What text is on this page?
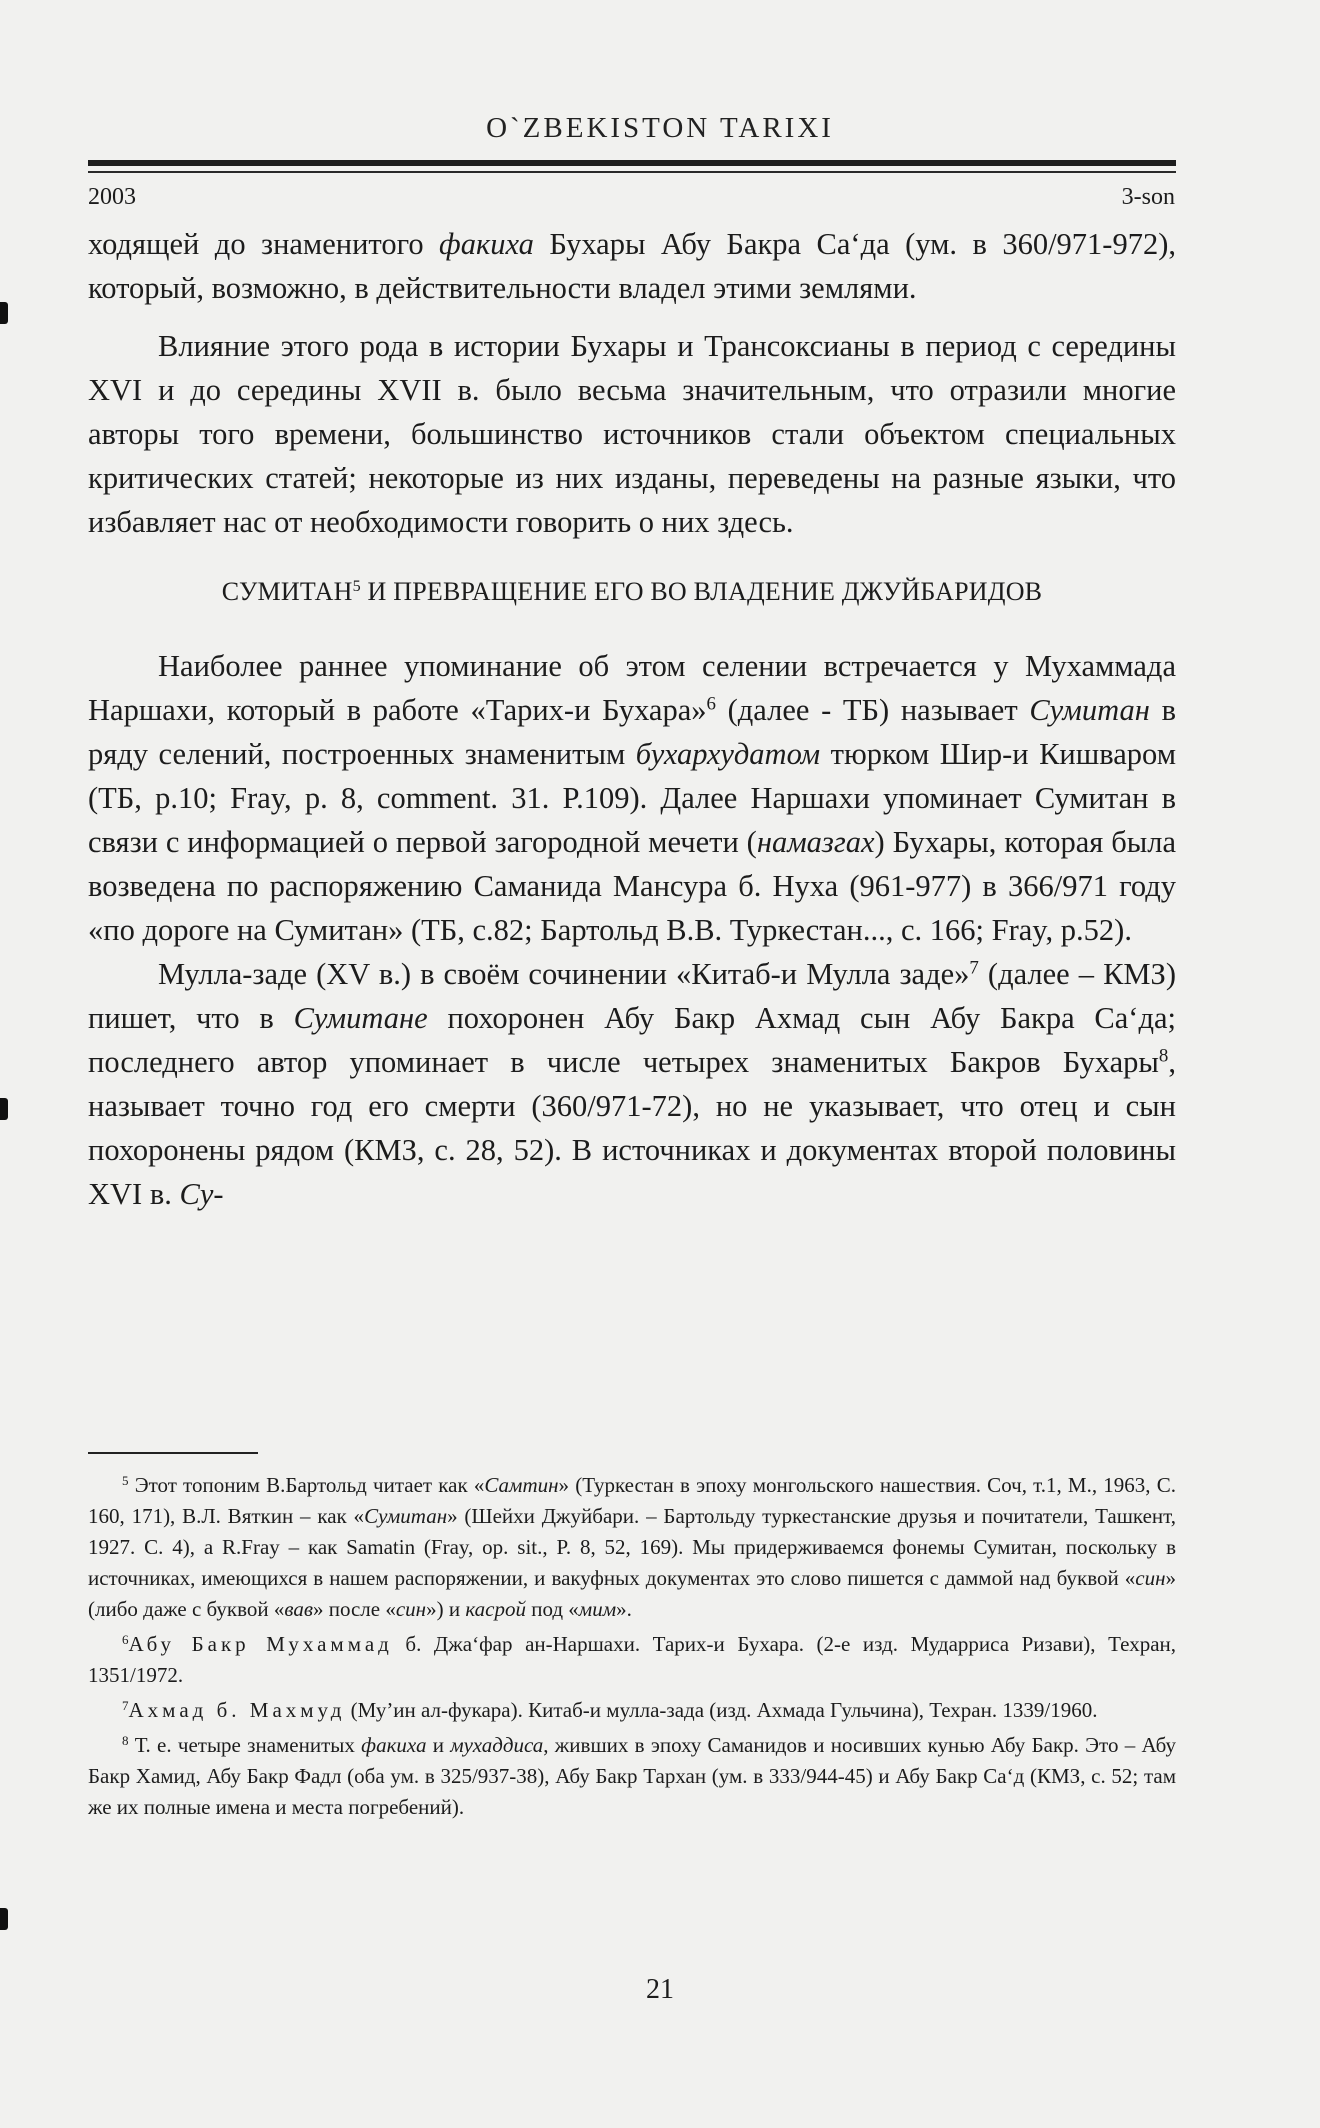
O`ZBEKISTON TARIXI
2003	3-son

ходящей до знаменитого факиха Бухары Абу Бакра Саʻда (ум. в 360/971-972), который, возможно, в действительности владел этими землями.

Влияние этого рода в истории Бухары и Трансоксианы в период с середины XVI и до середины XVII в. было весьма значительным, что отразили многие авторы того времени, большинство источников стали объектом специальных критических статей; некоторые из них изданы, переведены на разные языки, что избавляет нас от необходимости говорить о них здесь.

СУМИТАН$^5$ И ПРЕВРАЩЕНИЕ ЕГО ВО ВЛАДЕНИЕ ДЖУЙБАРИДОВ

Наиболее раннее упоминание об этом селении встречается у Мухаммада Наршахи, который в работе «Тарих-и Бухара»$^6$ (далее - ТБ) называет Сумитан в ряду селений, построенных знаменитым бухархудатом тюрком Шир-и Кишваром (ТБ, p.10; Fray, p. 8, comment. 31. P.109). Далее Наршахи упоминает Сумитан в связи с информацией о первой загородной мечети (намазгах) Бухары, которая была возведена по распоряжению Саманида Мансура б. Нуха (961-977) в 366/971 году «по дороге на Сумитан» (ТБ, с.82; Бартольд В.В. Туркестан..., с. 166; Fray, p.52).

Мулла-заде (XV в.) в своём сочинении «Китаб-и Мулла заде»$^7$ (далее – КМЗ) пишет, что в Сумитане похоронен Абу Бакр Ахмад сын Абу Бакра Саʻда; последнего автор упоминает в числе четырех знаменитых Бакров Бухары$^8$, называет точно год его смерти (360/971-72), но не указывает, что отец и сын похоронены рядом (КМЗ, с. 28, 52). В источниках и документах второй половины XVI в. Су-

$^5$ Этот топоним В.Бартольд читает как «Самтин» (Туркестан в эпоху монгольского нашествия. Соч, т.1, М., 1963, С. 160, 171), В.Л. Вяткин – как «Сумитан» (Шейхи Джуйбари. – Бартольду туркестанские друзья и почитатели, Ташкент, 1927. С. 4), а R.Fray – как Samatin (Fray, op. sit., P. 8, 52, 169). Мы придерживаемся фонемы Сумитан, поскольку в источниках, имеющихся в нашем распоряжении, и вакуфных документах это слово пишется с даммой над буквой «син» (либо даже с буквой «вав» после «син») и касрой под «мим».

$^6$Абу Бакр Мухаммад б. Джаʻфар ан-Наршахи. Тарих-и Бухара. (2-е изд. Мударриса Ризави), Техран, 1351/1972.

$^7$Ахмад б. Махмуд (Муʼин ал-фукара). Китаб-и мулла-зада (изд. Ахмада Гульчина), Техран. 1339/1960.

$^8$ Т. е. четыре знаменитых факиха и мухаддиса, живших в эпоху Саманидов и носивших кунью Абу Бакр. Это – Абу Бакр Хамид, Абу Бакр Фадл (оба ум. в 325/937-38), Абу Бакр Тархан (ум. в 333/944-45) и Абу Бакр Саʻд (КМЗ, с. 52; там же их полные имена и места погребений).

21
